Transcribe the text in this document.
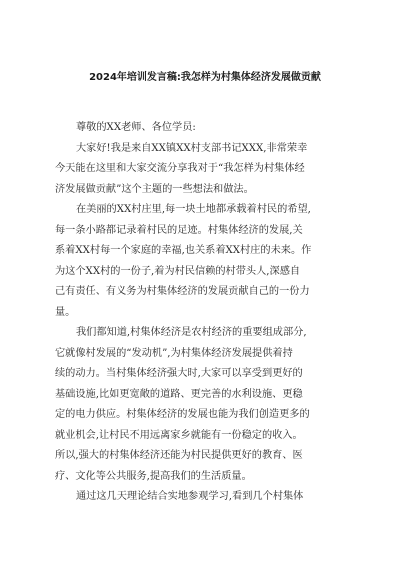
2024年培训发言稿:我怎样为村集体经济发展做贡献
尊敬的XX老师、各位学员:
大家好!我是来自XX镇XX村支部书记XXX,非常荣幸
今天能在这里和大家交流分享我对于“我怎样为村集体经
济发展做贡献”这个主题的一些想法和做法。
在美丽的XX村庄里,每一块土地都承载着村民的希望,
每一条小路都记录着村民的足迹。村集体经济的发展,关
系着XX村每一个家庭的幸福,也关系着XX村庄的未来。作
为这个XX村的一份子,着为村民信赖的村带头人,深感自
己有责任、有义务为村集体经济的发展贡献自己的一份力
量。
我们都知道,村集体经济是农村经济的重要组成部分,
它就像村发展的“发动机”,为村集体经济发展提供着持
续的动力。当村集体经济强大时,大家可以享受到更好的
基础设施,比如更宽敞的道路、更完善的水利设施、更稳
定的电力供应。村集体经济的发展也能为我们创造更多的
就业机会,让村民不用远离家乡就能有一份稳定的收入。
所以,强大的村集体经济还能为村民提供更好的教育、医
疗、文化等公共服务,提高我们的生活质量。
通过这几天理论结合实地参观学习,看到几个村集体
